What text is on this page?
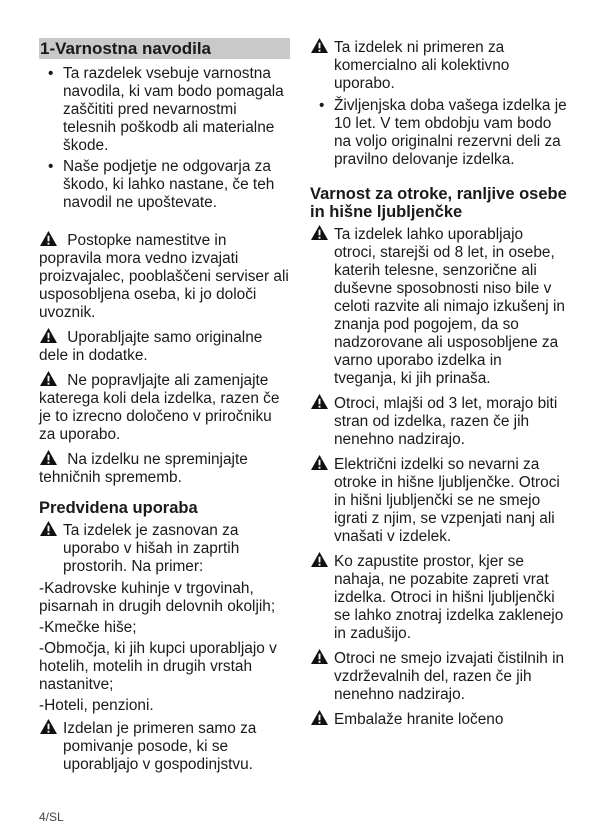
1-Varnostna navodila
• Ta razdelek vsebuje varnostna navodila, ki vam bodo pomagala zaščititi pred nevarnostmi telesnih poškodb ali materialne škode.
• Naše podjetje ne odgovarja za škodo, ki lahko nastane, če teh navodil ne upoštevate.
Postopke namestitve in popravila mora vedno izvajati proizvajalec, pooblaščeni serviser ali usposobljena oseba, ki jo določi uvoznik.
Uporabljajte samo originalne dele in dodatke.
Ne popravljajte ali zamenjajte katerega koli dela izdelka, razen če je to izrecno določeno v priročniku za uporabo.
Na izdelku ne spreminjajte tehničnih sprememb.
Predvidena uporaba
Ta izdelek je zasnovan za uporabo v hišah in zaprtih prostorih. Na primer:
-Kadrovske kuhinje v trgovinah, pisarnah in drugih delovnih okoljih;
-Kmečke hiše;
-Območja, ki jih kupci uporabljajo v hotelih, motelih in drugih vrstah nastanitve;
-Hoteli, penzioni.
Izdelan je primeren samo za pomivanje posode, ki se uporabljajo v gospodinjstvu.
4/SL
Ta izdelek ni primeren za komercialno ali kolektivno uporabo.
• Življenjska doba vašega izdelka je 10 let. V tem obdobju vam bodo na voljo originalni rezervni deli za pravilno delovanje izdelka.
Varnost za otroke, ranljive osebe in hišne ljubljenčke
Ta izdelek lahko uporabljajo otroci, starejši od 8 let, in osebe, katerih telesne, senzorične ali duševne sposobnosti niso bile v celoti razvite ali nimajo izkušenj in znanja pod pogojem, da so nadzorovane ali usposobljene za varno uporabo izdelka in tveganja, ki jih prinaša.
Otroci, mlajši od 3 let, morajo biti stran od izdelka, razen če jih nenehno nadzirajo.
Električni izdelki so nevarni za otroke in hišne ljubljenčke. Otroci in hišni ljubljenčki se ne smejo igrati z njim, se vzpenjati nanj ali vnašati v izdelek.
Ko zapustite prostor, kjer se nahaja, ne pozabite zapreti vrat izdelka. Otroci in hišni ljubljenčki se lahko znotraj izdelka zaklenejo in zadušijo.
Otroci ne smejo izvajati čistilnih in vzdrževalnih del, razen če jih nenehno nadzirajo.
Embalaže hranite ločeno
